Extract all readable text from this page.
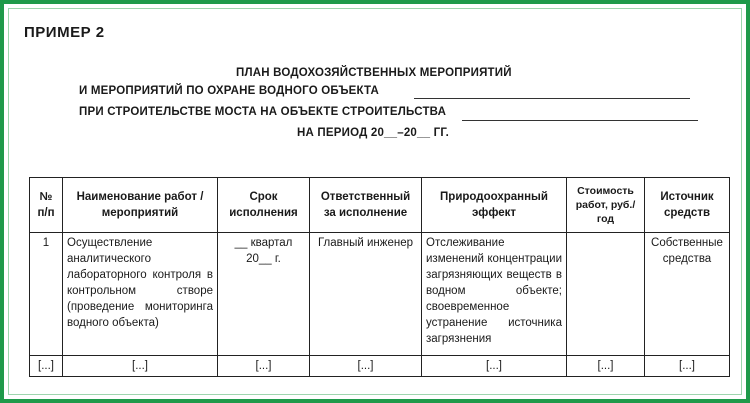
ПРИМЕР 2
ПЛАН ВОДОХОЗЯЙСТВЕННЫХ МЕРОПРИЯТИЙ
И МЕРОПРИЯТИЙ ПО ОХРАНЕ ВОДНОГО ОБЪЕКТА
ПРИ СТРОИТЕЛЬСТВЕ МОСТА НА ОБЪЕКТЕ СТРОИТЕЛЬСТВА
НА ПЕРИОД 20__–20__ ГГ.
№ п/п	Наименование работ / мероприятий	Срок исполнения	Ответственный за исполнение	Природоохранный эффект	Стоимость работ, руб./год	Источник средств
1	Осуществление аналитического лабораторного контроля в контрольном створе (проведение мониторинга водного объекта)	__ квартал 20__ г.	Главный инженер	Отслеживание изменений концентрации загрязняющих веществ в водном объекте; своевременное устранение источника загрязнения		Собственные средства
[...]	[...]	[...]	[...]	[...]	[...]	[...]
